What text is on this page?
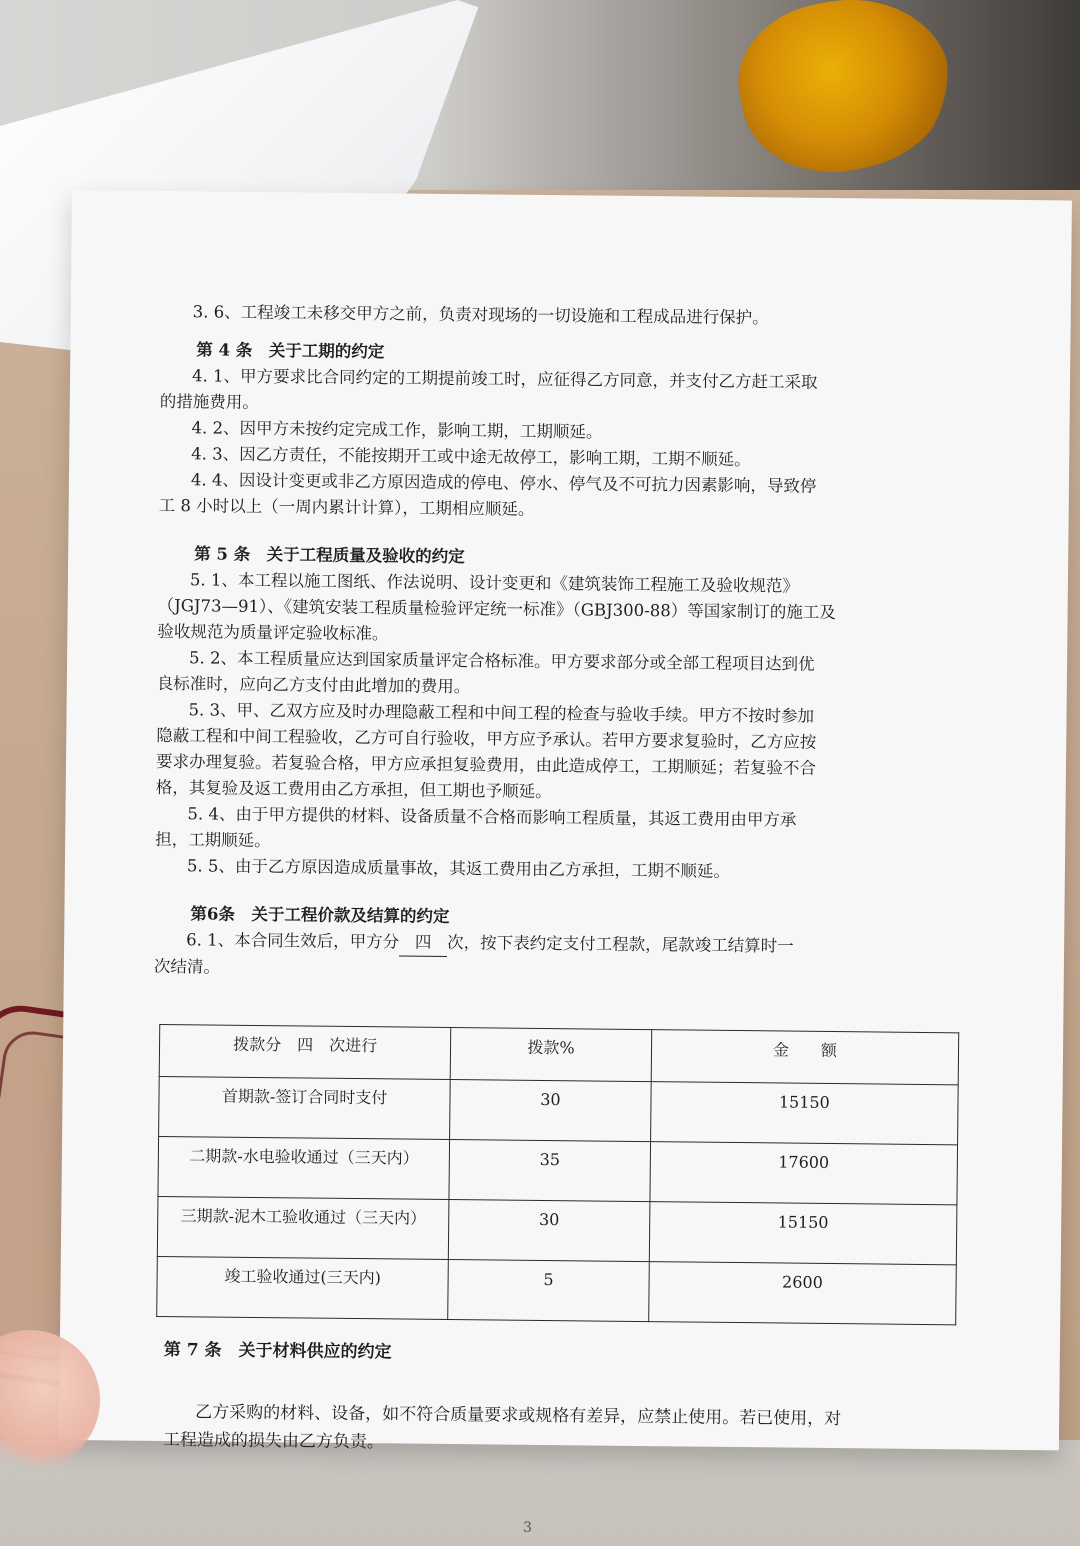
3. 6、工程竣工未移交甲方之前，负责对现场的一切设施和工程成品进行保护。

第 4 条　关于工期的约定

4. 1、甲方要求比合同约定的工期提前竣工时，应征得乙方同意，并支付乙方赶工采取

的措施费用。

4. 2、因甲方未按约定完成工作，影响工期，工期顺延。

4. 3、因乙方责任，不能按期开工或中途无故停工，影响工期，工期不顺延。

4. 4、因设计变更或非乙方原因造成的停电、停水、停气及不可抗力因素影响，导致停

工 8 小时以上（一周内累计计算），工期相应顺延。

第 5 条　关于工程质量及验收的约定

5. 1、本工程以施工图纸、作法说明、设计变更和《建筑装饰工程施工及验收规范》

（JGJ73—91）、《建筑安装工程质量检验评定统一标准》（GBJ300-88）等国家制订的施工及

验收规范为质量评定验收标准。

5. 2、本工程质量应达到国家质量评定合格标准。甲方要求部分或全部工程项目达到优

良标准时，应向乙方支付由此增加的费用。

5. 3、甲、乙双方应及时办理隐蔽工程和中间工程的检查与验收手续。甲方不按时参加

隐蔽工程和中间工程验收，乙方可自行验收，甲方应予承认。若甲方要求复验时，乙方应按

要求办理复验。若复验合格，甲方应承担复验费用，由此造成停工，工期顺延；若复验不合

格，其复验及返工费用由乙方承担，但工期也予顺延。

5. 4、由于甲方提供的材料、设备质量不合格而影响工程质量，其返工费用由甲方承

担，工期顺延。

5. 5、由于乙方原因造成质量事故，其返工费用由乙方承担，工期不顺延。

第6条　关于工程价款及结算的约定

6. 1、本合同生效后，甲方分 四 次，按下表约定支付工程款，尾款竣工结算时一

次结清。

拨款分　四　次进行	拨款%	金　　额
首期款-签订合同时支付	30	15150
二期款-水电验收通过（三天内）	35	17600
三期款-泥木工验收通过（三天内）	30	15150
竣工验收通过(三天内)	5	2600

第 7 条　关于材料供应的约定

乙方采购的材料、设备，如不符合质量要求或规格有差异，应禁止使用。若已使用，对

工程造成的损失由乙方负责。

3
